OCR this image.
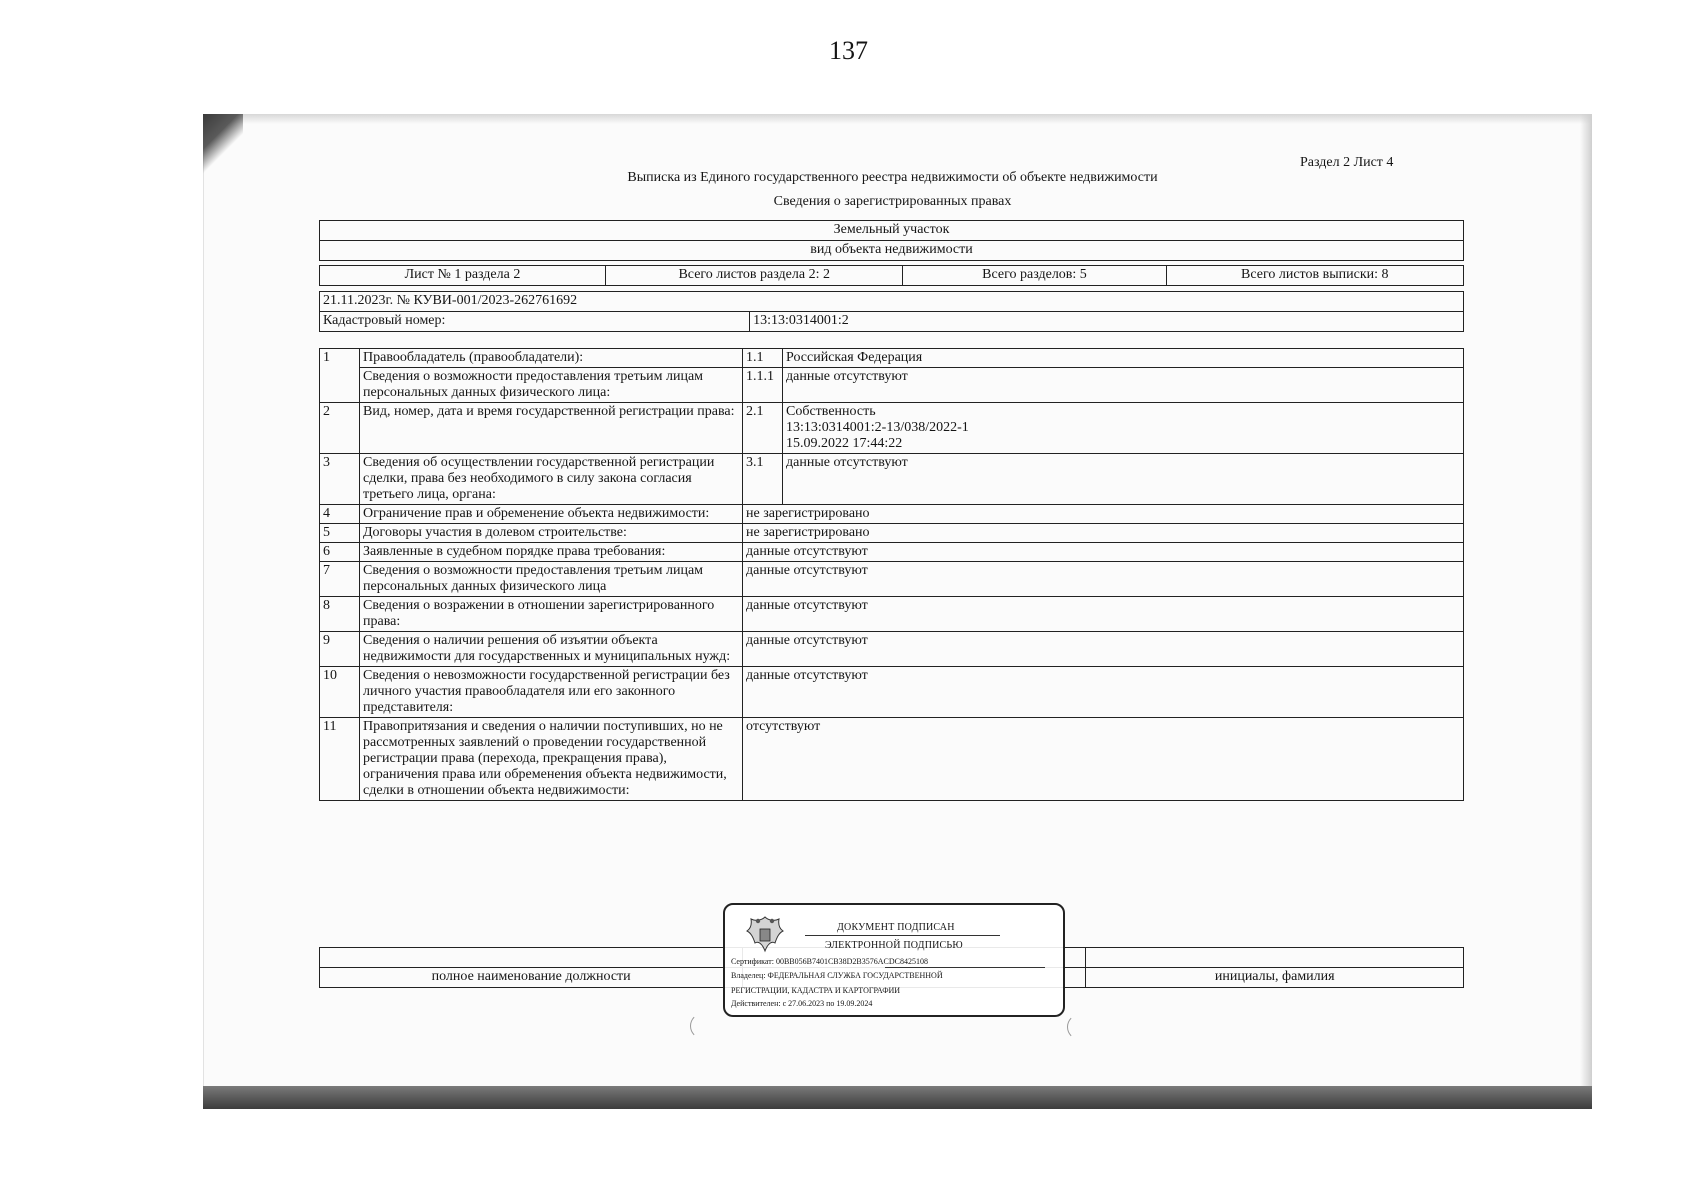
137
Раздел 2 Лист 4
Выписка из Единого государственного реестра недвижимости об объекте недвижимости
Сведения о зарегистрированных правах
Земельный участок
вид объекта недвижимости
Лист № 1 раздела 2	Всего листов раздела 2: 2	Всего разделов: 5	Всего листов выписки: 8
21.11.2023г. № КУВИ-001/2023-262761692
Кадастровый номер:	13:13:0314001:2
1	Правообладатель (правообладатели):	1.1	Российская Федерация
	Сведения о возможности предоставления третьим лицам персональных данных физического лица:	1.1.1	данные отсутствуют
2	Вид, номер, дата и время государственной регистрации права:	2.1	Собственность
13:13:0314001:2-13/038/2022-1
15.09.2022 17:44:22
3	Сведения об осуществлении государственной регистрации сделки, права без необходимого в силу закона согласия третьего лица, органа:	3.1	данные отсутствуют
4	Ограничение прав и обременение объекта недвижимости:	не зарегистрировано	
5	Договоры участия в долевом строительстве:	не зарегистрировано	
6	Заявленные в судебном порядке права требования:	данные отсутствуют	
7	Сведения о возможности предоставления третьим лицам персональных данных физического лица	данные отсутствуют	
8	Сведения о возражении в отношении зарегистрированного права:	данные отсутствуют	
9	Сведения о наличии решения об изъятии объекта недвижимости для государственных и муниципальных нужд:	данные отсутствуют	
10	Сведения о невозможности государственной регистрации без личного участия правообладателя или его законного представителя:	данные отсутствуют	
11	Правопритязания и сведения о наличии поступивших, но не рассмотренных заявлений о проведении государственной регистрации права (перехода, прекращения права), ограничения права или обременения объекта недвижимости, сделки в отношении объекта недвижимости:	отсутствуют	

полное наименование должности		инициалы, фамилия
ДОКУМЕНТ ПОДПИСАН
ЭЛЕКТРОННОЙ ПОДПИСЬЮ
Сертификат: 00BB056B7401CB38D2B3576ACDC8425108
Владелец: ФЕДЕРАЛЬНАЯ СЛУЖБА ГОСУДАРСТВЕННОЙ
РЕГИСТРАЦИИ, КАДАСТРА И КАРТОГРАФИИ
Действителен: с 27.06.2023 по 19.09.2024
